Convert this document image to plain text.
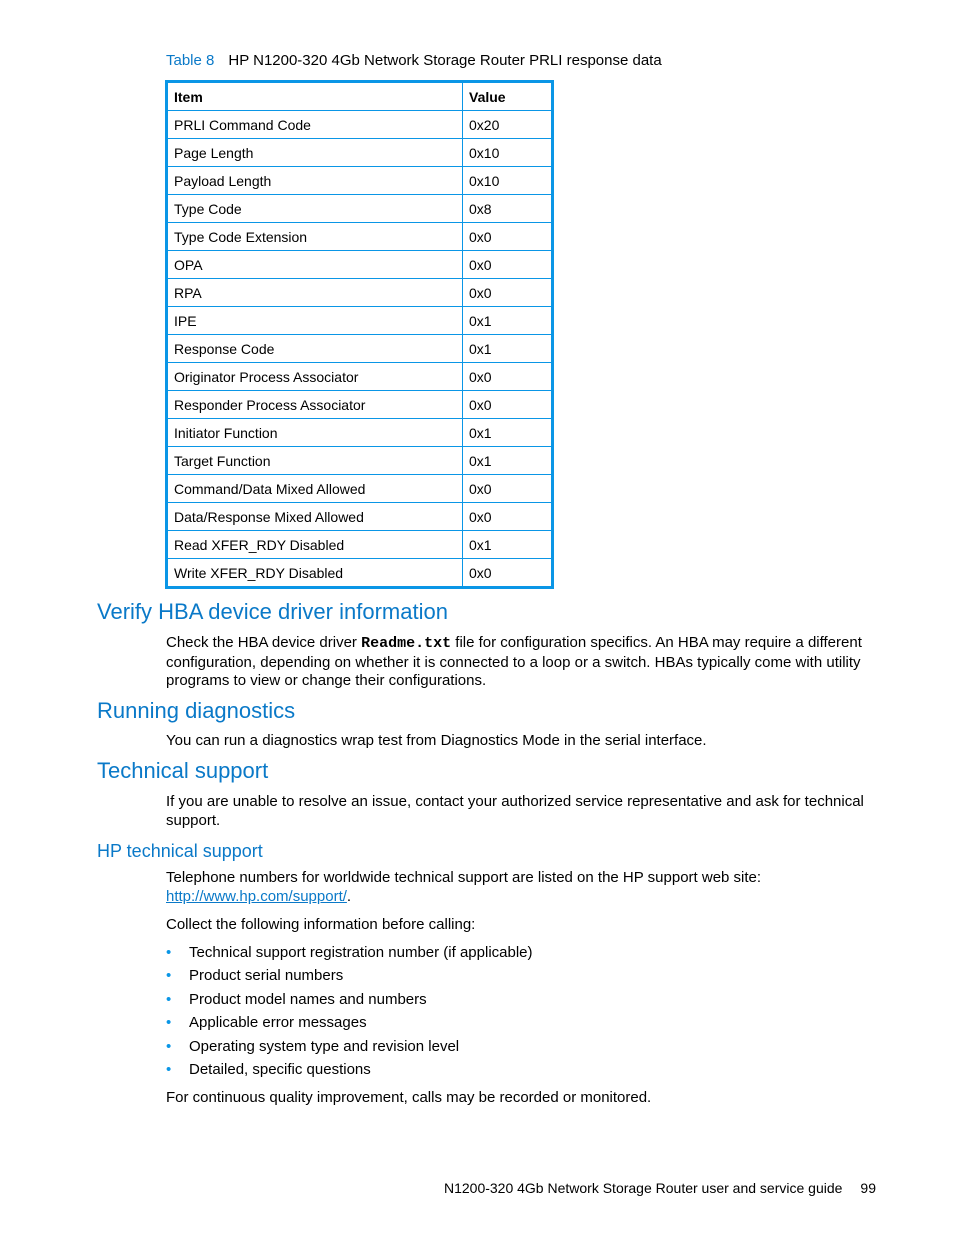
Table 8 HP N1200-320 4Gb Network Storage Router PRLI response data
Item	Value
PRLI Command Code	0x20
Page Length	0x10
Payload Length	0x10
Type Code	0x8
Type Code Extension	0x0
OPA	0x0
RPA	0x0
IPE	0x1
Response Code	0x1
Originator Process Associator	0x0
Responder Process Associator	0x0
Initiator Function	0x1
Target Function	0x1
Command/Data Mixed Allowed	0x0
Data/Response Mixed Allowed	0x0
Read XFER_RDY Disabled	0x1
Write XFER_RDY Disabled	0x0
Verify HBA device driver information

Check the HBA device driver Readme.txt file for configuration specifics. An HBA may require a different configuration, depending on whether it is connected to a loop or a switch. HBAs typically come with utility programs to view or change their configurations.

Running diagnostics

You can run a diagnostics wrap test from Diagnostics Mode in the serial interface.

Technical support

If you are unable to resolve an issue, contact your authorized service representative and ask for technical support.

HP technical support

Telephone numbers for worldwide technical support are listed on the HP support web site:
http://www.hp.com/support/.

Collect the following information before calling:

• Technical support registration number (if applicable)
• Product serial numbers
• Product model names and numbers
• Applicable error messages
• Operating system type and revision level
• Detailed, specific questions

For continuous quality improvement, calls may be recorded or monitored.

N1200-320 4Gb Network Storage Router user and service guide 99
